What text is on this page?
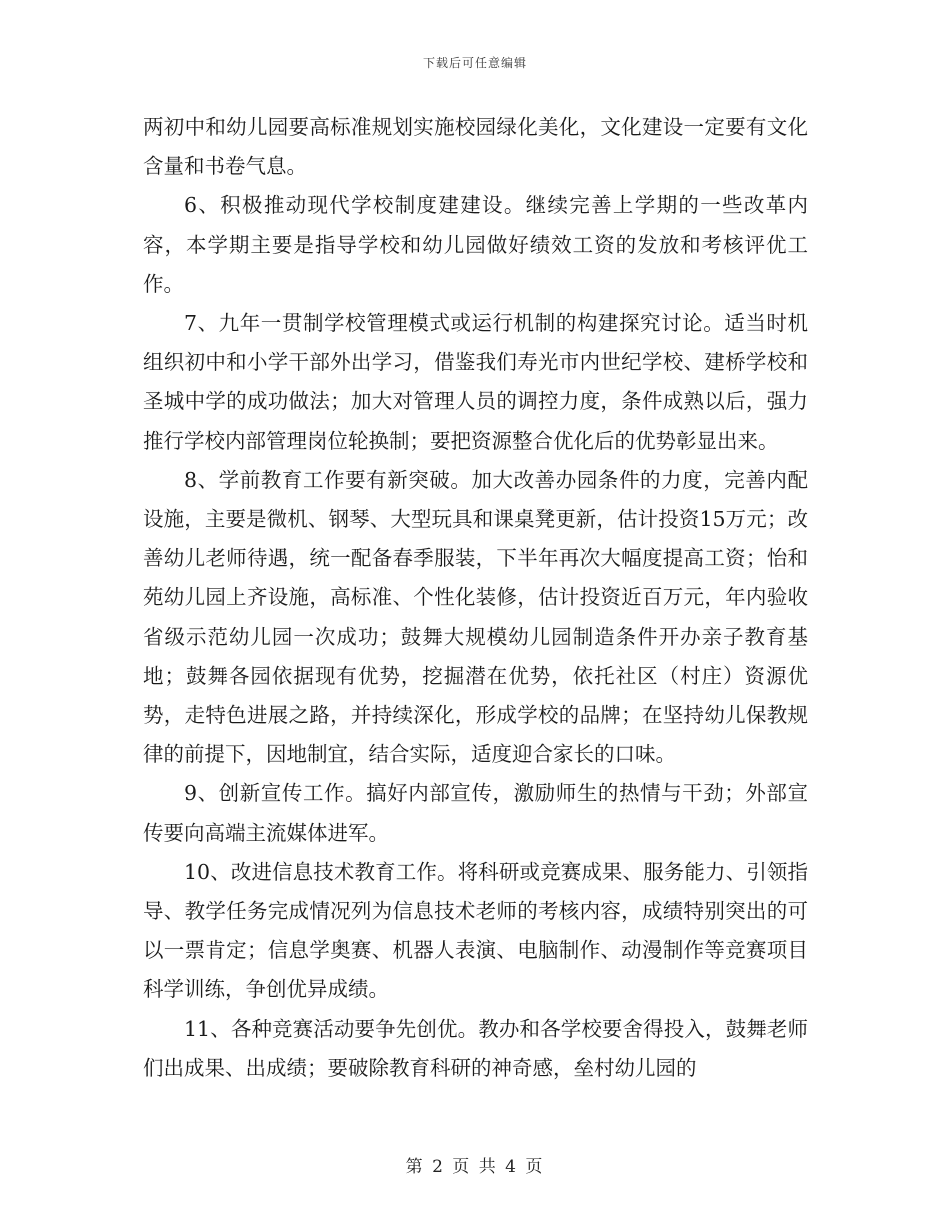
下载后可任意编辑

两初中和幼儿园要高标准规划实施校园绿化美化，文化建设一定要有文化含量和书卷气息。

6、积极推动现代学校制度建建设。继续完善上学期的一些改革内容，本学期主要是指导学校和幼儿园做好绩效工资的发放和考核评优工作。

7、九年一贯制学校管理模式或运行机制的构建探究讨论。适当时机组织初中和小学干部外出学习，借鉴我们寿光市内世纪学校、建桥学校和圣城中学的成功做法；加大对管理人员的调控力度，条件成熟以后，强力推行学校内部管理岗位轮换制；要把资源整合优化后的优势彰显出来。

8、学前教育工作要有新突破。加大改善办园条件的力度，完善内配设施，主要是微机、钢琴、大型玩具和课桌凳更新，估计投资15万元；改善幼儿老师待遇，统一配备春季服装，下半年再次大幅度提高工资；怡和苑幼儿园上齐设施，高标准、个性化装修，估计投资近百万元，年内验收省级示范幼儿园一次成功；鼓舞大规模幼儿园制造条件开办亲子教育基地；鼓舞各园依据现有优势，挖掘潜在优势，依托社区（村庄）资源优势，走特色进展之路，并持续深化，形成学校的品牌；在坚持幼儿保教规律的前提下，因地制宜，结合实际，适度迎合家长的口味。

9、创新宣传工作。搞好内部宣传，激励师生的热情与干劲；外部宣传要向高端主流媒体进军。

10、改进信息技术教育工作。将科研或竞赛成果、服务能力、引领指导、教学任务完成情况列为信息技术老师的考核内容，成绩特别突出的可以一票肯定；信息学奥赛、机器人表演、电脑制作、动漫制作等竞赛项目科学训练，争创优异成绩。

11、各种竞赛活动要争先创优。教办和各学校要舍得投入，鼓舞老师们出成果、出成绩；要破除教育科研的神奇感，垒村幼儿园的

第 2 页 共 4 页
